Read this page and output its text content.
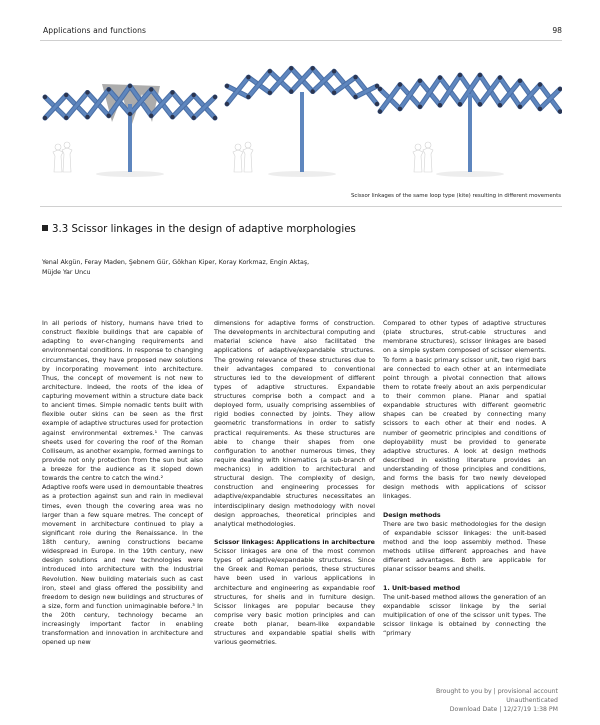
Applications and functions	98
Scissor linkages of the same loop type (kite) resulting in different movements
3.3 Scissor linkages in the design of adaptive morphologies
Yenal Akgün, Feray Maden, Şebnem Gür, Gökhan Kiper, Koray Korkmaz, Engin Aktaş,
Müjde Yar Uncu

In all periods of history, humans have tried to construct flexible buildings that are capable of adapting to ever-changing requirements and environmental conditions. In response to changing circumstances, they have proposed new solutions by incorporating movement into architecture. Thus, the concept of movement is not new to architecture. Indeed, the roots of the idea of capturing movement within a structure date back to ancient times. Simple nomadic tents built with flexible outer skins can be seen as the first example of adaptive structures used for protection against environmental extremes.¹ The canvas sheets used for covering the roof of the Roman Colliseum, as another example, formed awnings to provide not only protection from the sun but also a breeze for the audience as it sloped down towards the centre to catch the wind.²

Adaptive roofs were used in demountable theatres as a protection against sun and rain in medieval times, even though the covering area was no larger than a few square metres. The concept of movement in architecture continued to play a significant role during the Renaissance. In the 18th century, awning constructions became widespread in Europe. In the 19th century, new design solutions and new technologies were introduced into architecture with the Industrial Revolution. New building materials such as cast iron, steel and glass offered the possibility and freedom to design new buildings and structures of a size, form and function unimaginable before.³ In the 20th century, technology became an increasingly important factor in enabling transformation and innovation in architecture and opened up new

dimensions for adaptive forms of construction. The developments in architectural computing and material science have also facilitated the applications of adaptive/expandable structures. The growing relevance of these structures due to their advantages compared to conventional structures led to the development of different types of adaptive structures. Expandable structures comprise both a compact and a deployed form, usually comprising assemblies of rigid bodies connected by joints. They allow geometric transformations in order to satisfy practical requirements. As these structures are able to change their shapes from one configuration to another numerous times, they require dealing with kinematics (a sub-branch of mechanics) in addition to architectural and structural design. The complexity of design, construction and engineering processes for adaptive/expandable structures necessitates an interdisciplinary design methodology with novel design approaches, theoretical principles and analytical methodologies.

Scissor linkages: Applications in architecture

Scissor linkages are one of the most common types of adaptive/expandable structures. Since the Greek and Roman periods, these structures have been used in various applications in architecture and engineering as expandable roof structures, for shells and in furniture design. Scissor linkages are popular because they comprise very basic motion principles and can create both planar, beam-like expandable structures and expandable spatial shells with various geometries.

Compared to other types of adaptive structures (plate structures, strut-cable structures and membrane structures), scissor linkages are based on a simple system composed of scissor elements. To form a basic primary scissor unit, two rigid bars are connected to each other at an intermediate point through a pivotal connection that allows them to rotate freely about an axis perpendicular to their common plane. Planar and spatial expandable structures with different geometric shapes can be created by connecting many scissors to each other at their end nodes. A number of geometric principles and conditions of deployability must be provided to generate adaptive structures. A look at design methods described in existing literature provides an understanding of those principles and conditions, and forms the basis for two newly developed design methods with applications of scissor linkages.

Design methods

There are two basic methodologies for the design of expandable scissor linkages: the unit-based method and the loop assembly method. These methods utilise different approaches and have different advantages. Both are applicable for planar scissor beams and shells.

1. Unit-based method

The unit-based method allows the generation of an expandable scissor linkage by the serial multiplication of one of the scissor unit types. The scissor linkage is obtained by connecting the “primary

Brought to you by | provisional account
Unauthenticated
Download Date | 12/27/19 1:38 PM
